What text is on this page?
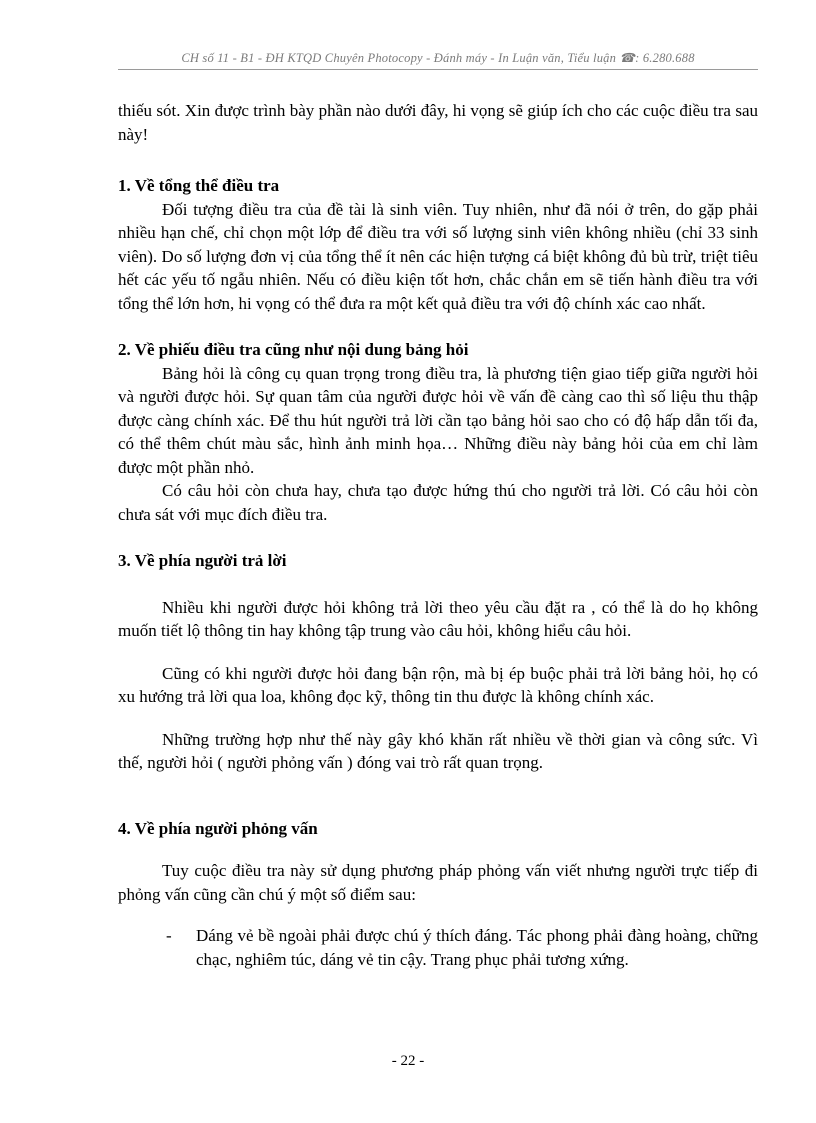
CH số 11 - B1 - ĐH KTQD Chuyên Photocopy - Đánh máy - In Luận văn, Tiểu luận ☎: 6.280.688

thiếu sót. Xin được trình bày phần nào dưới đây, hi vọng sẽ giúp ích cho các cuộc điều tra sau này!

1. Về tổng thể điều tra

Đối tượng điều tra của đề tài là sinh viên. Tuy nhiên, như đã nói ở trên, do gặp phải nhiều hạn chế, chỉ chọn một lớp để điều tra với số lượng sinh viên không nhiều (chỉ 33 sinh viên). Do số lượng đơn vị của tổng thể ít nên các hiện tượng cá biệt không đủ bù trừ, triệt tiêu hết các yếu tố ngẫu nhiên. Nếu có điều kiện tốt hơn, chắc chắn em sẽ tiến hành điều tra với tổng thể lớn hơn, hi vọng có thể đưa ra một kết quả điều tra với độ chính xác cao nhất.

2. Về phiếu điều tra cũng như nội dung bảng hỏi

Bảng hỏi là công cụ quan trọng trong điều tra, là phương tiện giao tiếp giữa người hỏi và người được hỏi. Sự quan tâm của người được hỏi về vấn đề càng cao thì số liệu thu thập được càng chính xác. Để thu hút người trả lời cần tạo bảng hỏi sao cho có độ hấp dẫn tối đa, có thể thêm chút màu sắc, hình ảnh minh họa… Những điều này bảng hỏi của em chỉ làm được một phần nhỏ.

Có câu hỏi còn chưa hay, chưa tạo được hứng thú cho người trả lời. Có câu hỏi còn chưa sát với mục đích điều tra.

3. Về phía người trả lời

Nhiều khi người được hỏi không trả lời theo yêu cầu đặt ra , có thể là do họ không muốn tiết lộ thông tin hay không tập trung vào câu hỏi, không hiểu câu hỏi.

Cũng có khi người được hỏi đang bận rộn, mà bị ép buộc phải trả lời bảng hỏi, họ có xu hướng trả lời qua loa, không đọc kỹ, thông tin thu được là không chính xác.

Những trường hợp như thế này gây khó khăn rất nhiều về thời gian và công sức. Vì thế, người hỏi ( người phỏng vấn ) đóng vai trò rất quan trọng.

4. Về phía người phỏng vấn

Tuy cuộc điều tra này sử dụng phương pháp phỏng vấn viết nhưng người trực tiếp đi phỏng vấn cũng cần chú ý một số điểm sau:

-	Dáng vẻ bề ngoài phải được chú ý thích đáng. Tác phong phải đàng hoàng, chững chạc, nghiêm túc, dáng vẻ tin cậy. Trang phục phải tương xứng.
- 22 -
